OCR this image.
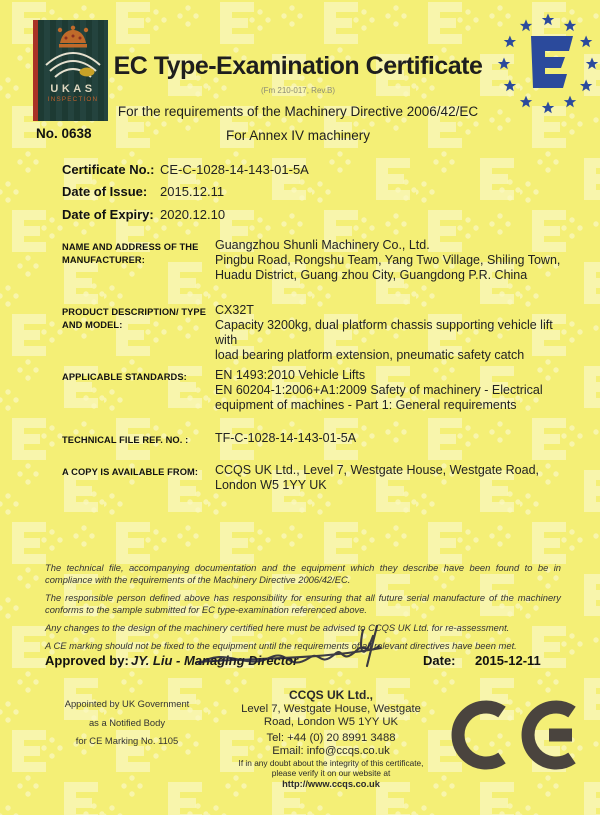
UKAS
INSPECTION
No. 0638
EC Type-Examination Certificate
(Fm 210-017, Rev.B)
For the requirements of the Machinery Directive 2006/42/EC
For Annex IV machinery
Certificate No.: CE-C-1028-14-143-01-5A
Date of Issue: 2015.12.11
Date of Expiry: 2020.12.10
NAME AND ADDRESS OF THE
MANUFACTURER:
Guangzhou Shunli Machinery Co., Ltd.
Pingbu Road, Rongshu Team, Yang Two Village, Shiling Town,
Huadu District, Guang zhou City, Guangdong P.R. China
PRODUCT DESCRIPTION/ TYPE
AND MODEL:
CX32T
Capacity 3200kg, dual platform chassis supporting vehicle lift with
load bearing platform extension, pneumatic safety catch
APPLICABLE STANDARDS:	EN 1493:2010 Vehicle Lifts
EN 60204-1:2006+A1:2009 Safety of machinery - Electrical
equipment of machines - Part 1: General requirements
TECHNICAL FILE REF. NO. :	TF-C-1028-14-143-01-5A
A COPY IS AVAILABLE FROM:	CCQS UK Ltd., Level 7, Westgate House, Westgate Road,
London W5 1YY UK

The technical file, accompanying documentation and the equipment which they describe have been found to be in compliance with the requirements of the Machinery Directive 2006/42/EC.

The responsible person defined above has responsibility for ensuring that all future serial manufacture of the machinery conforms to the sample submitted for EC type-examination referenced above.

Any changes to the design of the machinery certified here must be advised to CCQS UK Ltd. for re-assessment.

A CE marking should not be fixed to the equipment until the requirements of all relevant directives have been met.

Approved by: JY. Liu - Managing Director	Date: 2015-12-11
Appointed by UK Government
as a Notified Body
for CE Marking No. 1105
CCQS UK Ltd.,
Level 7, Westgate House, Westgate
Road, London W5 1YY UK
Tel: +44 (0) 20 8991 3488
Email: info@ccqs.co.uk
If in any doubt about the integrity of this certificate,
please verify it on our website at
http://www.ccqs.co.uk
